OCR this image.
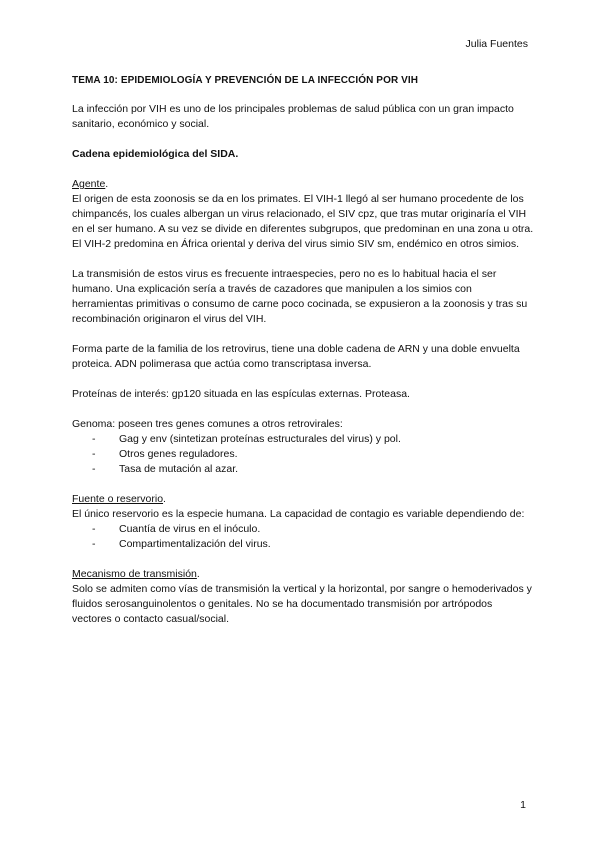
Julia Fuentes

TEMA 10: EPIDEMIOLOGÍA Y PREVENCIÓN DE LA INFECCIÓN POR VIH

La infección por VIH es uno de los principales problemas de salud pública con un gran impacto sanitario, económico y social.

Cadena epidemiológica del SIDA.

Agente.

El origen de esta zoonosis se da en los primates. El VIH-1 llegó al ser humano procedente de los chimpancés, los cuales albergan un virus relacionado, el SIV cpz, que tras mutar originaría el VIH en el ser humano. A su vez se divide en diferentes subgrupos, que predominan en una zona u otra. El VIH-2 predomina en África oriental y deriva del virus simio SIV sm, endémico en otros simios.

La transmisión de estos virus es frecuente intraespecies, pero no es lo habitual hacia el ser humano. Una explicación sería a través de cazadores que manipulen a los simios con herramientas primitivas o consumo de carne poco cocinada, se expusieron a la zoonosis y tras su recombinación originaron el virus del VIH.

Forma parte de la familia de los retrovirus, tiene una doble cadena de ARN y una doble envuelta proteica. ADN polimerasa que actúa como transcriptasa inversa.

Proteínas de interés: gp120 situada en las espículas externas. Proteasa.

Genoma: poseen tres genes comunes a otros retrovirales:

- Gag y env (sintetizan proteínas estructurales del virus) y pol.
- Otros genes reguladores.
- Tasa de mutación al azar.

Fuente o reservorio.

El único reservorio es la especie humana. La capacidad de contagio es variable dependiendo de:

- Cuantía de virus en el inóculo.
- Compartimentalización del virus.

Mecanismo de transmisión.

Solo se admiten como vías de transmisión la vertical y la horizontal, por sangre o hemoderivados y fluidos serosanguinolentos o genitales. No se ha documentado transmisión por artrópodos vectores o contacto casual/social.

1
